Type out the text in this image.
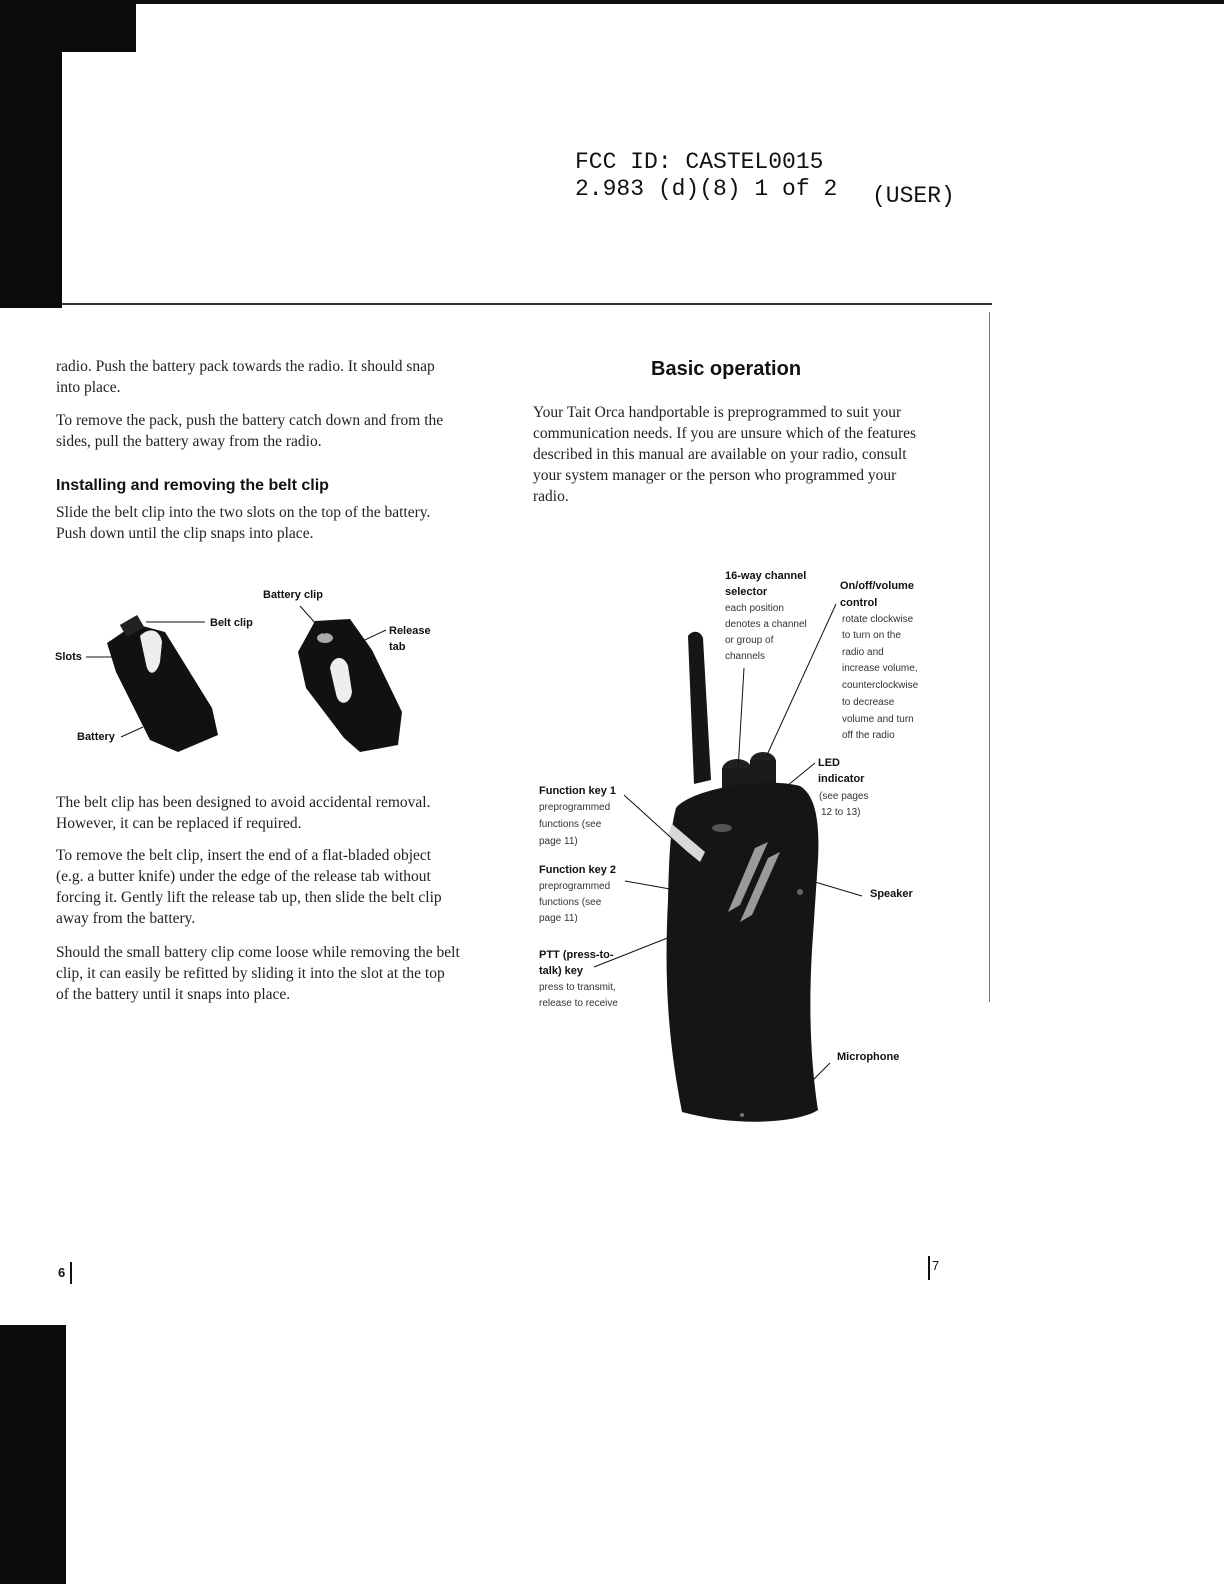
FCC ID: CASTEL0015
2.983 (d)(8) 1 of 2 (USER)

radio. Push the battery pack towards the radio. It should snap into place.

To remove the pack, push the battery catch down and from the sides, pull the battery away from the radio.

Installing and removing the belt clip

Slide the belt clip into the two slots on the top of the battery. Push down until the clip snaps into place.

Battery clip
Belt clip
Slots
Release
tab
Battery

The belt clip has been designed to avoid accidental removal. However, it can be replaced if required.

To remove the belt clip, insert the end of a flat-bladed object (e.g. a butter knife) under the edge of the release tab without forcing it. Gently lift the release tab up, then slide the belt clip away from the battery.

Should the small battery clip come loose while removing the belt clip, it can easily be refitted by sliding it into the slot at the top of the battery until it snaps into place.

6
Basic operation

Your Tait Orca handportable is preprogrammed to suit your communication needs. If you are unsure which of the features described in this manual are available on your radio, consult your system manager or the person who programmed your radio.

16-way channel
selector
each position
denotes a channel
or group of
channels
On/off/volume
control
rotate clockwise
to turn on the
radio and
increase volume,
counterclockwise
to decrease
volume and turn
off the radio
LED
indicator
(see pages
12 to 13)
Function key 1
preprogrammed
functions (see
page 11)
Function key 2
preprogrammed
functions (see
page 11)
PTT (press-to-
talk) key
press to transmit,
release to receive
Speaker
Microphone
7
